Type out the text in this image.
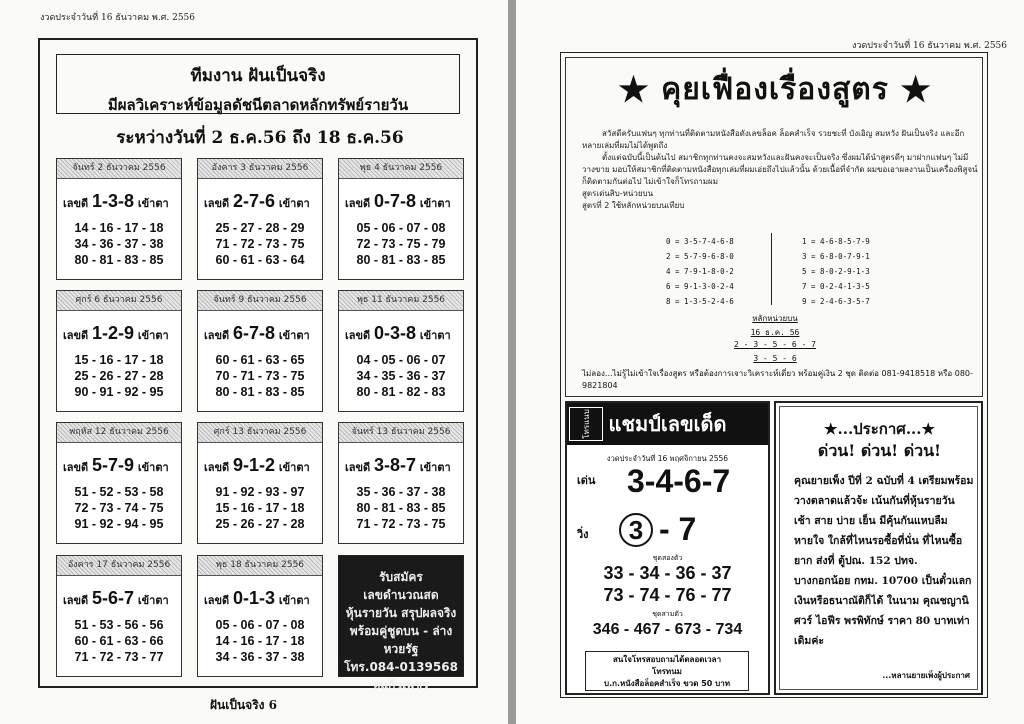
งวดประจำวันที่ 16 ธันวาคม พ.ศ. 2556
ทีมงาน ฝันเป็นจริง
มีผลวิเคราะห์ข้อมูลดัชนีตลาดหลักทรัพย์รายวัน
ระหว่างวันที่ 2 ธ.ค.56 ถึง 18 ธ.ค.56
จันทร์ 2 ธันวาคม 2556
เลขดี 1-3-8 เข้าตา
14 - 16 - 17 - 18
34 - 36 - 37 - 38
80 - 81 - 83 - 85
อังคาร 3 ธันวาคม 2556
เลขดี 2-7-6 เข้าตา
25 - 27 - 28 - 29
71 - 72 - 73 - 75
60 - 61 - 63 - 64
พุธ 4 ธันวาคม 2556
เลขดี 0-7-8 เข้าตา
05 - 06 - 07 - 08
72 - 73 - 75 - 79
80 - 81 - 83 - 85
ศุกร์ 6 ธันวาคม 2556
เลขดี 1-2-9 เข้าตา
15 - 16 - 17 - 18
25 - 26 - 27 - 28
90 - 91 - 92 - 95
จันทร์ 9 ธันวาคม 2556
เลขดี 6-7-8 เข้าตา
60 - 61 - 63 - 65
70 - 71 - 73 - 75
80 - 81 - 83 - 85
พุธ 11 ธันวาคม 2556
เลขดี 0-3-8 เข้าตา
04 - 05 - 06 - 07
34 - 35 - 36 - 37
80 - 81 - 82 - 83
พฤหัส 12 ธันวาคม 2556
เลขดี 5-7-9 เข้าตา
51 - 52 - 53 - 58
72 - 73 - 74 - 75
91 - 92 - 94 - 95
ศุกร์ 13 ธันวาคม 2556
เลขดี 9-1-2 เข้าตา
91 - 92 - 93 - 97
15 - 16 - 17 - 18
25 - 26 - 27 - 28
จันทร์ 13 ธันวาคม 2556
เลขดี 3-8-7 เข้าตา
35 - 36 - 37 - 38
80 - 81 - 83 - 85
71 - 72 - 73 - 75
อังคาร 17 ธันวาคม 2556
เลขดี 5-6-7 เข้าตา
51 - 53 - 56 - 56
60 - 61 - 63 - 66
71 - 72 - 73 - 77
พุธ 18 ธันวาคม 2556
เลขดี 0-1-3 เข้าตา
05 - 06 - 07 - 08
14 - 16 - 17 - 18
34 - 36 - 37 - 38
รับสมัคร
เลขดำนวณสด
หุ้นรายวัน สรุปผลจริง
พร้อมคู่ชูดบน - ล่าง
หวยรัฐ
โทร.084-0139568
อแก้วเพชร
ฝันเป็นจริง 6
งวดประจำวันที่ 16 ธันวาคม พ.ศ. 2556
★ คุยเฟื่องเรื่องสูตร ★
สวัสดีครับแฟนๆ ทุกท่านที่ติดตามหนังสือดังเลขล็อค ล็อคสำเร็จ รวยชะที่ บังเอิญ สมหวัง ฝันเป็นจริง และอีกหลายเล่มที่ผมไม่ได้พูดถึง
ตั้งแต่ฉบับนี้เป็นต้นไป สมาชิกทุกท่านคงจะสมหวังและฝันคงจะเป็นจริง ซึ่งผมได้นำสูตรดีๆ มาฝากแฟนๆ ไม่มีวางขาย มอบให้สมาชิกที่ติดตามหนังสือทุกเล่มที่ผมเอ่ยถึงไปแล้วนั้น ด้วยเนื้อที่จำกัด ผมขอเอาผลงานเป็นเครื่องพิสูจน์ ก็ติดตามกันต่อไป ไม่เข้าใจก็โทรถามผม
สูตรเด่นสิบ-หน่วยบน
สูตรที่ 2 ใช้หลักหน่วยบนเทียบ
0 = 3-5-7-4-6-8
2 = 5-7-9-6-8-0
4 = 7-9-1-8-0-2
6 = 9-1-3-0-2-4
8 = 1-3-5-2-4-6
1 = 4-6-8-5-7-9
3 = 6-8-0-7-9-1
5 = 8-0-2-9-1-3
7 = 0-2-4-1-3-5
9 = 2-4-6-3-5-7
หลักหน่วยบน
16 ธ.ค. 56
2 - 3 - 5 - 6 - 7
3 - 5 - 6
ไม่ลอง...ไม่รู้ไม่เข้าใจเรื่องสูตร หรือต้องการเจาะวิเคราะห์เดี่ยว พร้อมคู่เงิน 2 ชุด ติดต่อ 081-9418518 หรือ 080-9821804
แชมป์เลขเด็ด
โทรแนบ
งวดประจำวันที่ 16 พฤศจิกายน 2556
เด่น 3-4-6-7
วิ่ง	3 - 7
ชุดสองตัว
33 - 34 - 36 - 37
73 - 74 - 76 - 77
ชุดสามตัว
346 - 467 - 673 - 734
สนใจโทรสอบถามได้ตลอดเวลา
โทรทนม
บ.ก.หนังสือล็อคสำเร็จ ขวด 50 บาท
★...ประกาศ...★
ด่วน! ด่วน! ด่วน!
คุณยายเพ็ง ปีที่ 2 ฉบับที่ 4 เตรียมพร้อมวางตลาดแล้วจ้ะ เน้นกันที่หุ้นรายวัน เช้า สาย บ่าย เย็น มีคุ้นกันแหบลืมหายใจ ใกล้ที่ไหนรอซื้อที่นั่น ที่ไหนซื้อยาก ส่งที่ ตู้ปณ. 152 ปทจ. บางกอกน้อย กทม. 10700 เป็นตั๋วแลกเงินหรือธนาณัติก็ได้ ในนาม คุณชญานิศวร์ ไอฟีร พรพิทักษ์ ราคา 80 บาทเท่าเดิมค่ะ
...หลานยายเพ็งผู้ประกาศ
